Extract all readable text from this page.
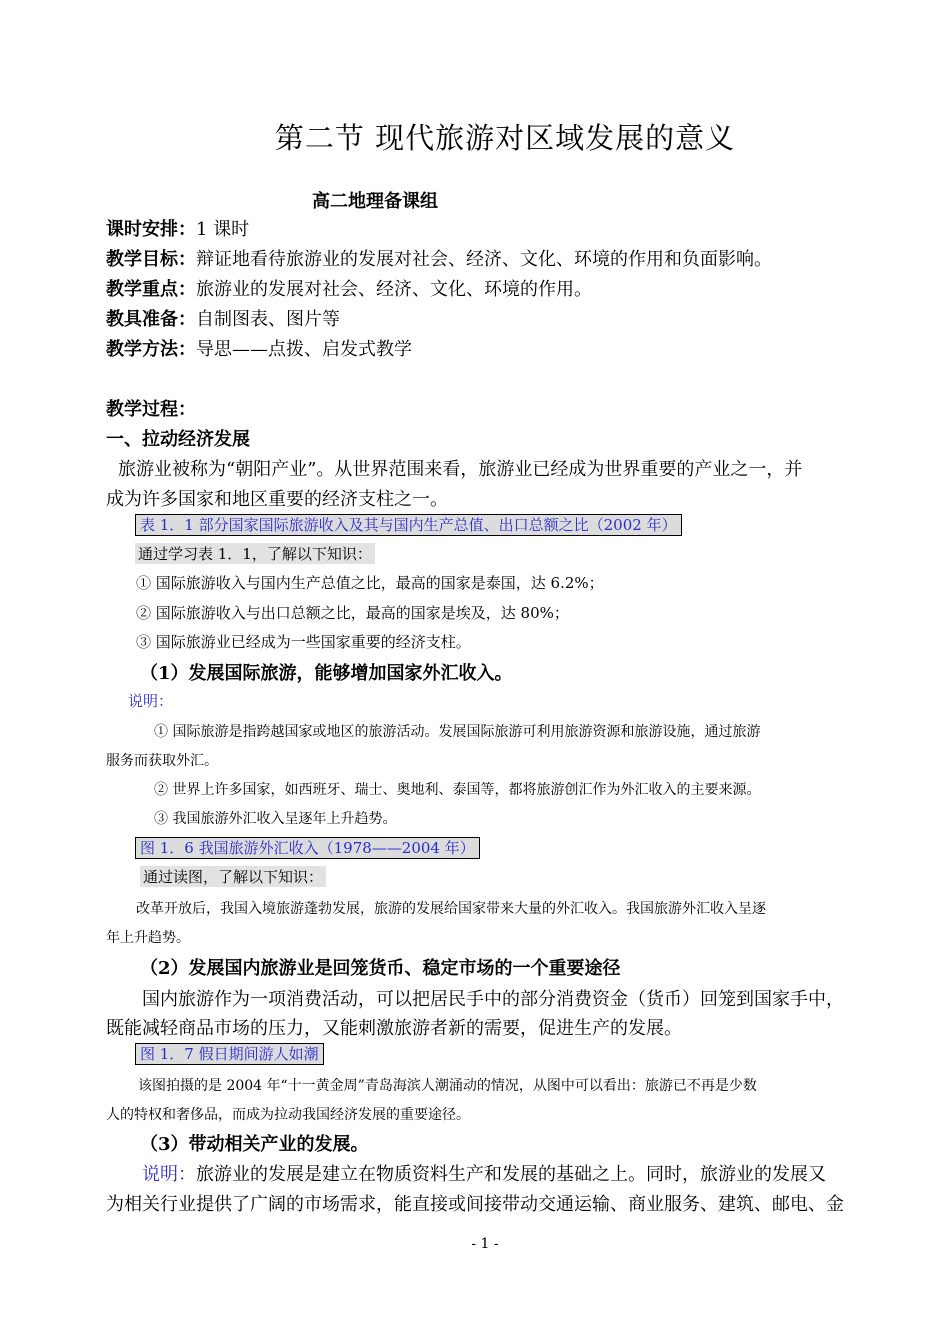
第二节 现代旅游对区域发展的意义
高二地理备课组
课时安排：1 课时
教学目标：辩证地看待旅游业的发展对社会、经济、文化、环境的作用和负面影响。
教学重点：旅游业的发展对社会、经济、文化、环境的作用。
教具准备：自制图表、图片等
教学方法：导思——点拨、启发式教学
教学过程：
一、拉动经济发展
旅游业被称为“朝阳产业”。从世界范围来看，旅游业已经成为世界重要的产业之一，并
成为许多国家和地区重要的经济支柱之一。
表 1．1 部分国家国际旅游收入及其与国内生产总值、出口总额之比（2002 年）
通过学习表 1．1，了解以下知识：
① 国际旅游收入与国内生产总值之比，最高的国家是泰国，达 6.2%；
② 国际旅游收入与出口总额之比，最高的国家是埃及，达 80%；
③ 国际旅游业已经成为一些国家重要的经济支柱。
（1）发展国际旅游，能够增加国家外汇收入。
说明：
① 国际旅游是指跨越国家或地区的旅游活动。发展国际旅游可利用旅游资源和旅游设施，通过旅游
服务而获取外汇。
② 世界上许多国家，如西班牙、瑞士、奥地利、泰国等，都将旅游创汇作为外汇收入的主要来源。
③ 我国旅游外汇收入呈逐年上升趋势。
图 1．6 我国旅游外汇收入（1978——2004 年）
通过读图，了解以下知识：
改革开放后，我国入境旅游蓬勃发展，旅游的发展给国家带来大量的外汇收入。我国旅游外汇收入呈逐
年上升趋势。
（2）发展国内旅游业是回笼货币、稳定市场的一个重要途径
国内旅游作为一项消费活动，可以把居民手中的部分消费资金（货币）回笼到国家手中，
既能减轻商品市场的压力，又能刺激旅游者新的需要，促进生产的发展。
图 1．7 假日期间游人如潮
该图拍摄的是 2004 年“十一黄金周”青岛海滨人潮涌动的情况，从图中可以看出：旅游已不再是少数
人的特权和奢侈品，而成为拉动我国经济发展的重要途径。
（3）带动相关产业的发展。
说明：旅游业的发展是建立在物质资料生产和发展的基础之上。同时，旅游业的发展又
为相关行业提供了广阔的市场需求，能直接或间接带动交通运输、商业服务、建筑、邮电、金
- 1 -
